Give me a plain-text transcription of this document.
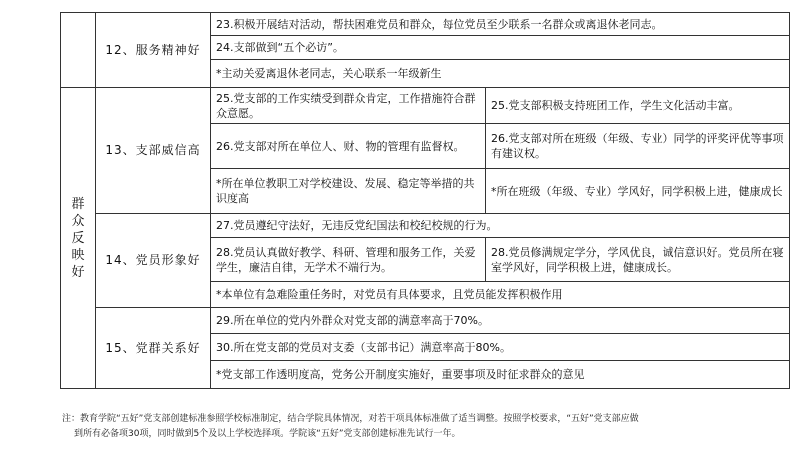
	12、服务精神好	23.积极开展结对活动，帮扶困难党员和群众，每位党员至少联系一名群众或离退休老同志。	
		24.支部做到“五个必访”。	
		*主动关爱离退休老同志，关心联系一年级新生	

群
众
反
映
好	13、支部威信高	25.党支部的工作实绩受到群众肯定，工作措施符合群众意愿。	25.党支部积极支持班团工作，学生文化活动丰富。
		26.党支部对所在单位人、财、物的管理有监督权。	26.党支部对所在班级（年级、专业）同学的评奖评优等事项有建议权。
		*所在单位教职工对学校建设、发展、稳定等举措的共识度高	*所在班级（年级、专业）学风好，同学积极上进，健康成长
	14、党员形象好	27.党员遵纪守法好，无违反党纪国法和校纪校规的行为。	
		28.党员认真做好教学、科研、管理和服务工作，关爱学生，廉洁自律，无学术不端行为。	28.党员修满规定学分，学风优良，诚信意识好。党员所在寝室学风好，同学积极上进，健康成长。
		*本单位有急难险重任务时，对党员有具体要求，且党员能发挥积极作用	
	15、党群关系好	29.所在单位的党内外群众对党支部的满意率高于70%。	
		30.所在党支部的党员对支委（支部书记）满意率高于80%。	
		*党支部工作透明度高，党务公开制度实施好，重要事项及时征求群众的意见	
注：教育学院“五好”党支部创建标准参照学校标准制定，结合学院具体情况，对若干项具体标准做了适当调整。按照学校要求，“五好”党支部应做
到所有必备项30项，同时做到5个及以上学校选择项。学院该“五好”党支部创建标准先试行一年。
